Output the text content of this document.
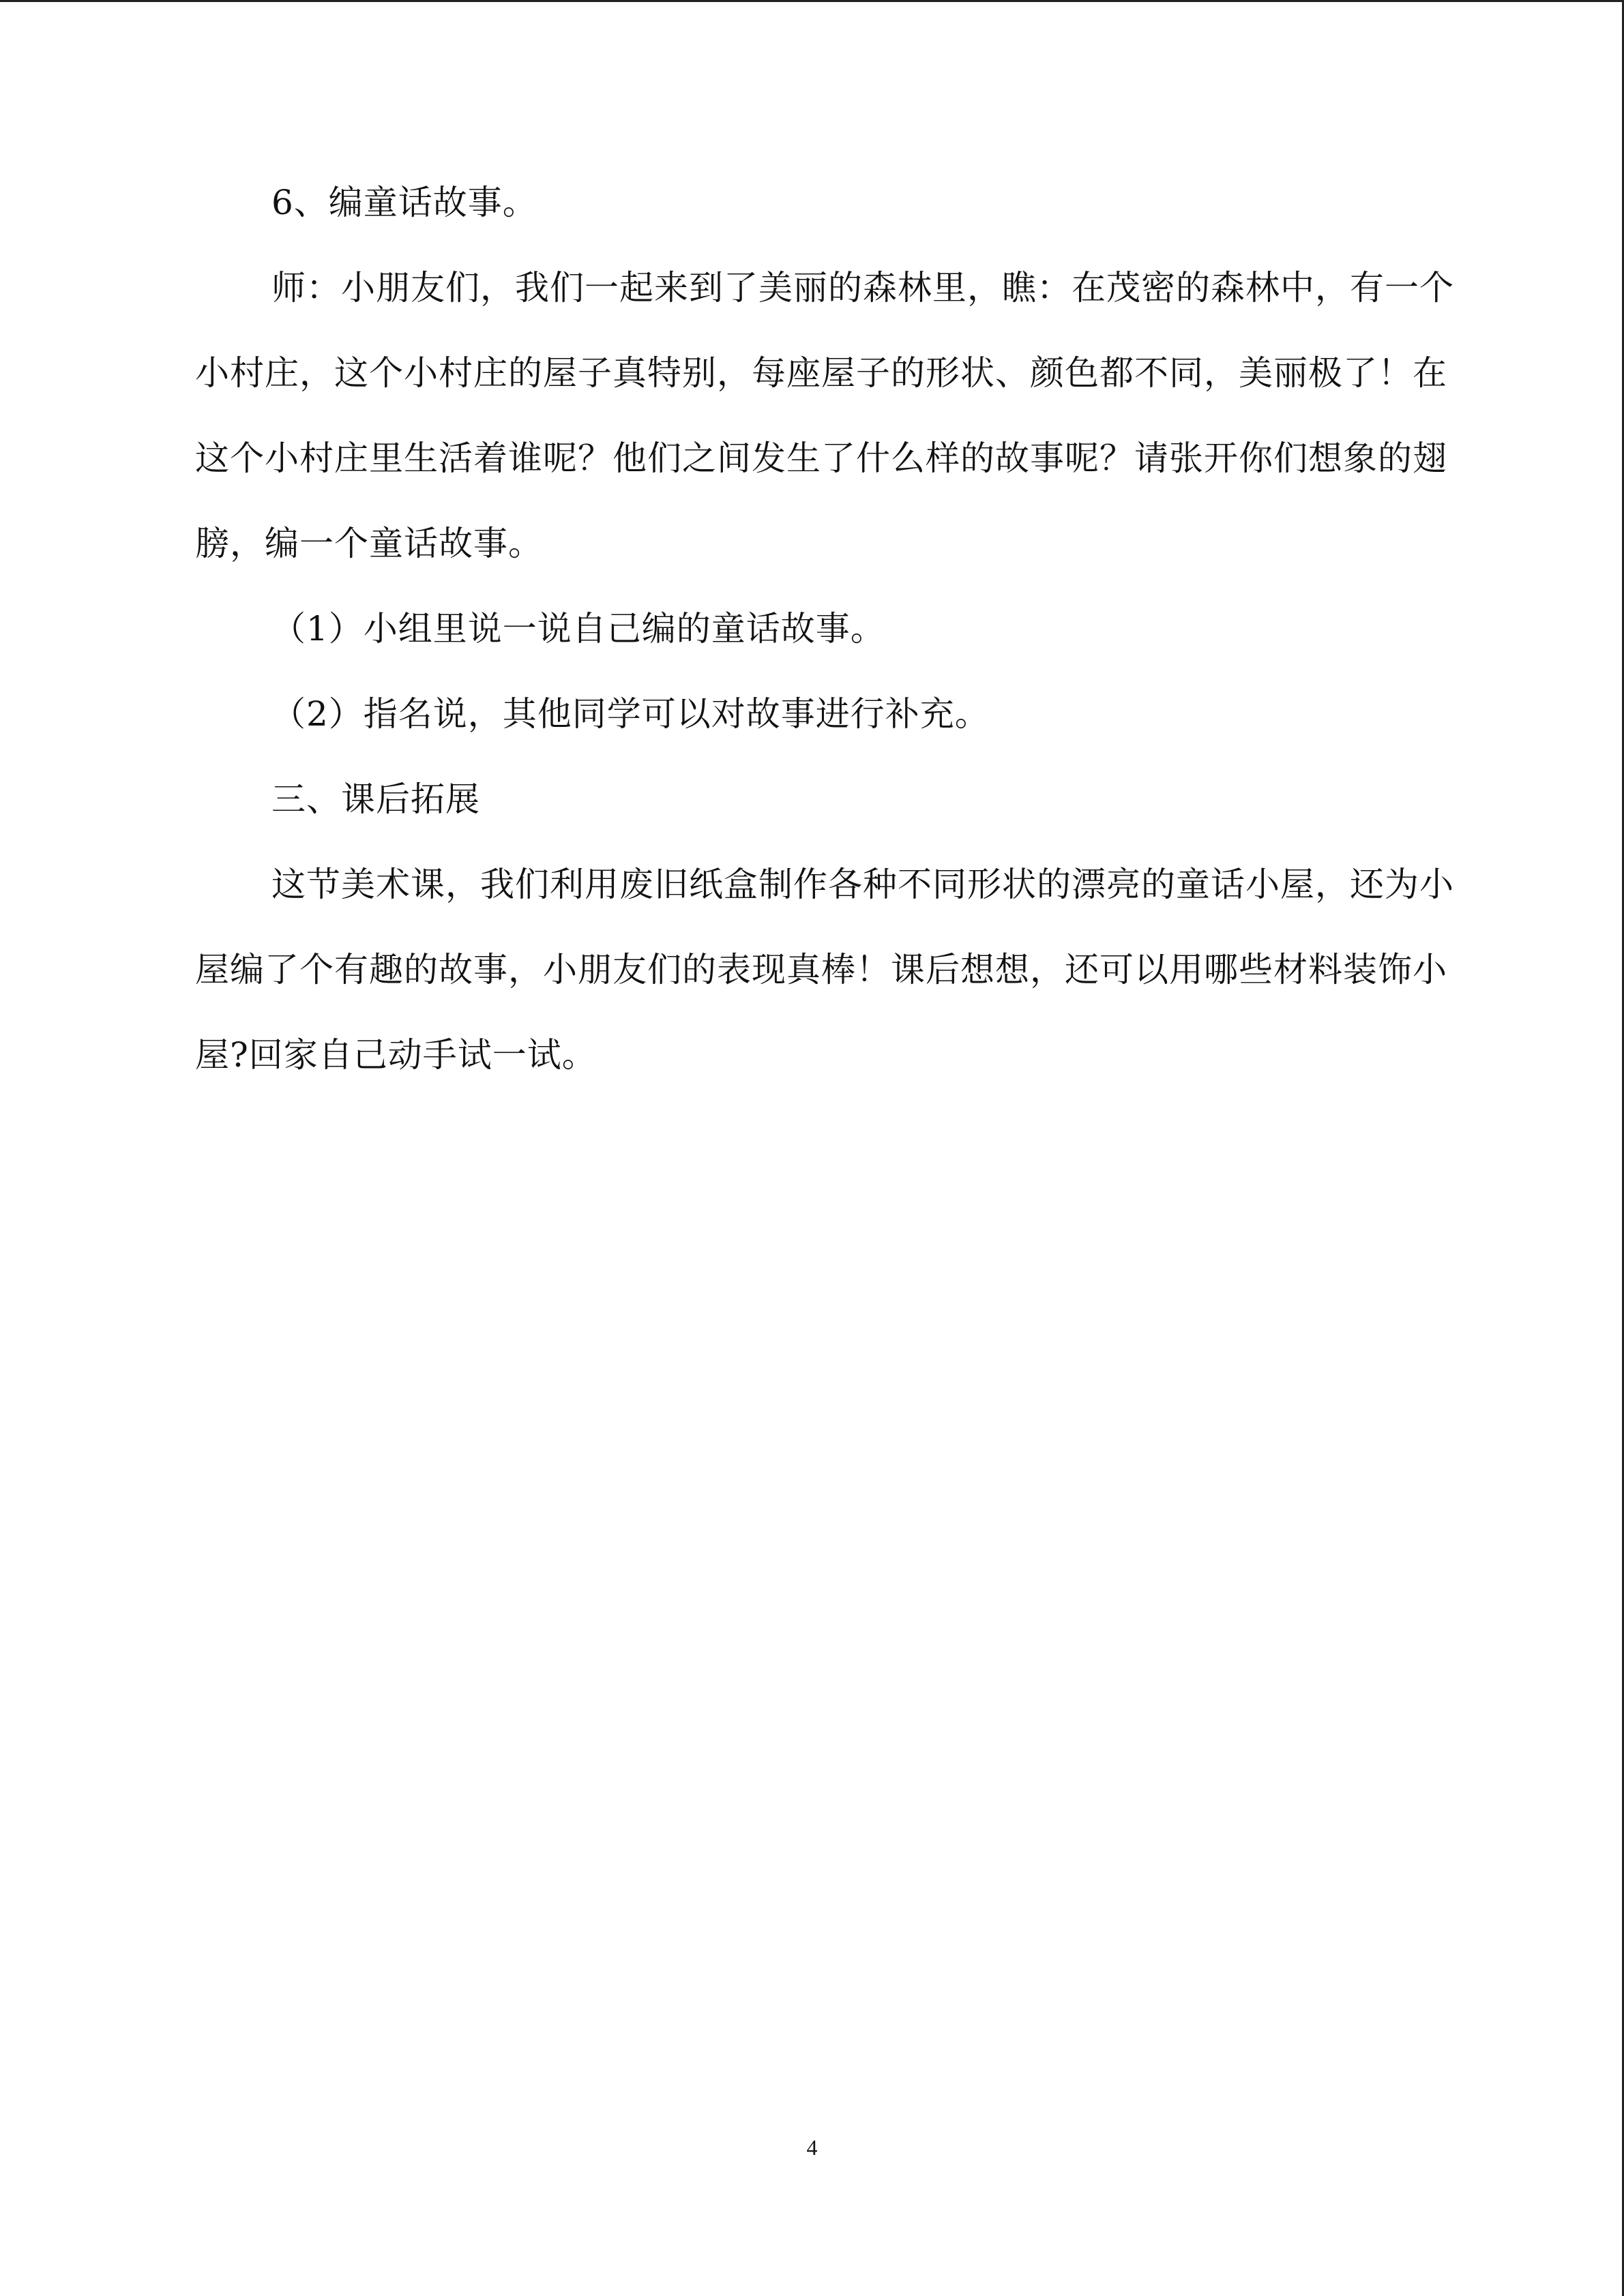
6、编童话故事。

师：小朋友们，我们一起来到了美丽的森林里，瞧：在茂密的森林中，有一个小村庄，这个小村庄的屋子真特别，每座屋子的形状、颜色都不同，美丽极了！在这个小村庄里生活着谁呢？他们之间发生了什么样的故事呢？请张开你们想象的翅膀，编一个童话故事。

（1）小组里说一说自己编的童话故事。

（2）指名说，其他同学可以对故事进行补充。

三、课后拓展

这节美术课，我们利用废旧纸盒制作各种不同形状的漂亮的童话小屋，还为小屋编了个有趣的故事，小朋友们的表现真棒！课后想想，还可以用哪些材料装饰小屋?回家自己动手试一试。

4
